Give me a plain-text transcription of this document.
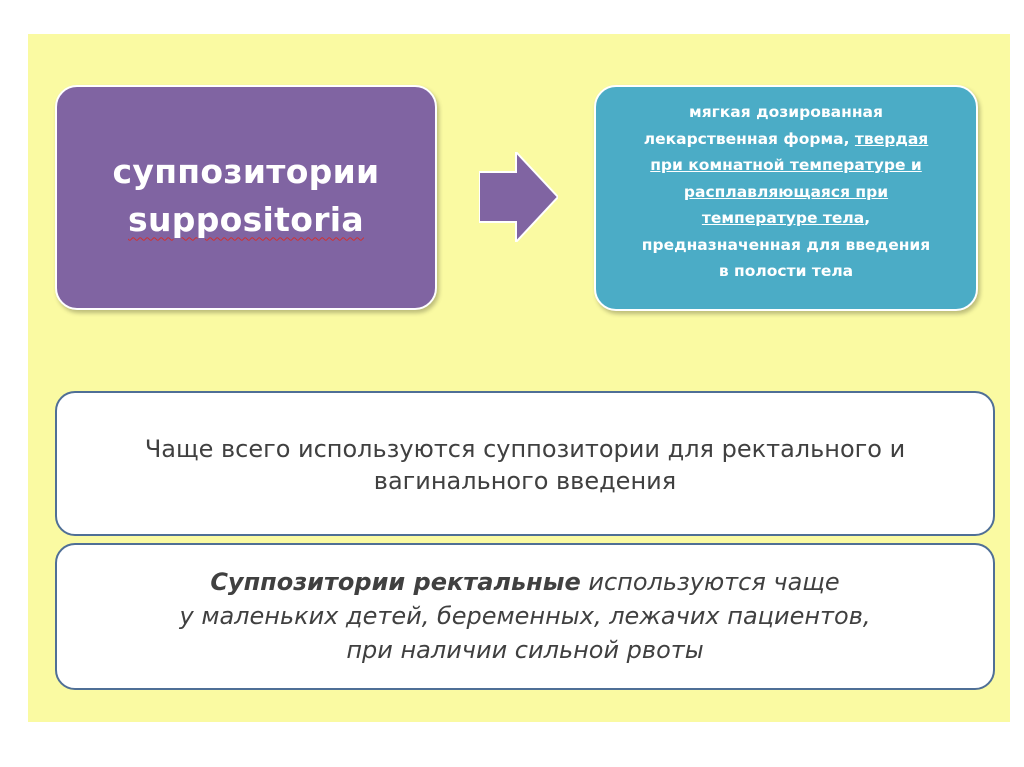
суппозитории
suppositoria
мягкая дозированная
лекарственная форма, твердая
при комнатной температуре и
расплавляющаяся при
температуре тела,
предназначенная для введения
в полости тела
Чаще всего используются суппозитории для ректального и
вагинального введения
Суппозитории ректальные используются чаще
у маленьких детей, беременных, лежачих пациентов,
при наличии сильной рвоты
